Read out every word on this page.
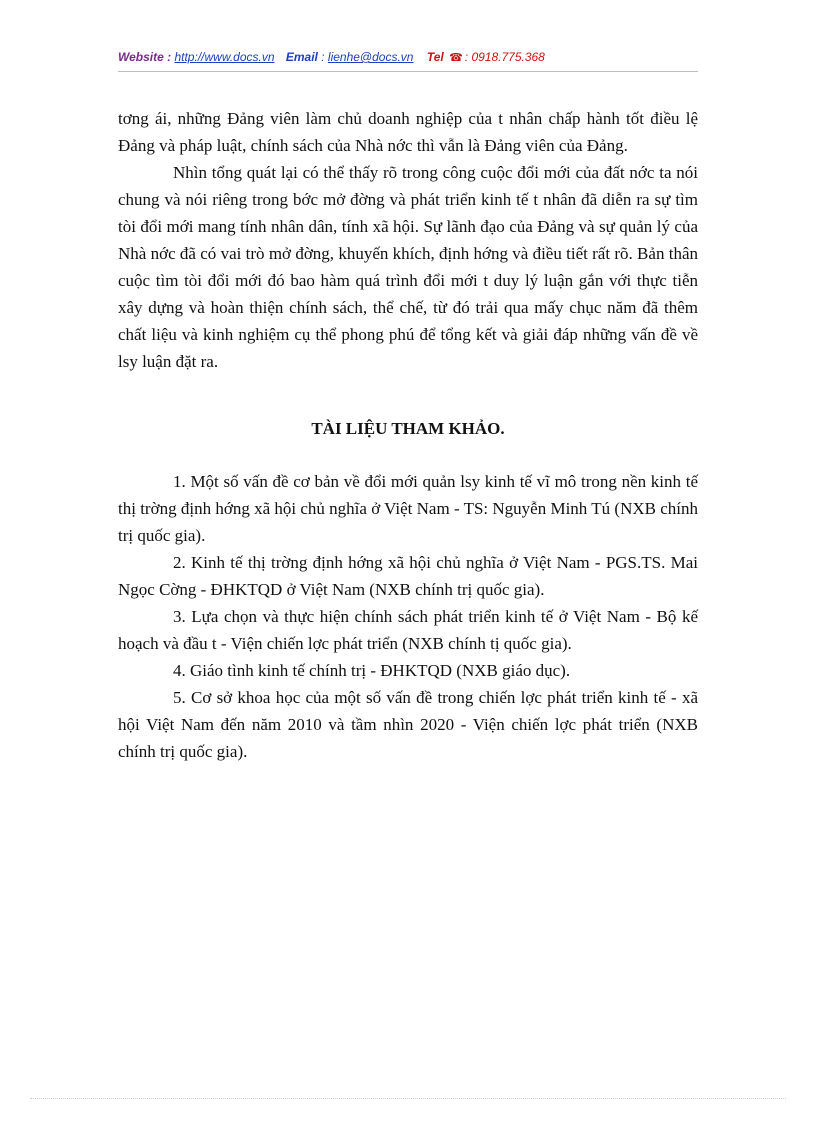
Website : http://www.docs.vn Email : lienhe@docs.vn Tel ☎ : 0918.775.368

tơng ái, những Đảng viên làm chủ doanh nghiệp của t nhân chấp hành tốt điều lệ Đảng và pháp luật, chính sách của Nhà nớc thì vẫn là Đảng viên của Đảng.

Nhìn tổng quát lại có thể thấy rõ trong công cuộc đổi mới của đất nớc ta nói chung và nói riêng trong bớc mở đờng và phát triển kinh tế t nhân đã diễn ra sự tìm tòi đổi mới mang tính nhân dân, tính xã hội. Sự lãnh đạo của Đảng và sự quản lý của Nhà nớc đã có vai trò mở đờng, khuyến khích, định hớng và điều tiết rất rõ. Bản thân cuộc tìm tòi đổi mới đó bao hàm quá trình đổi mới t duy lý luận gắn với thực tiễn xây dựng và hoàn thiện chính sách, thể chế, từ đó trải qua mấy chục năm đã thêm chất liệu và kinh nghiệm cụ thể phong phú để tổng kết và giải đáp những vấn đề về lsy luận đặt ra.

TÀI LIỆU THAM KHẢO.

1. Một số vấn đề cơ bản về đổi mới quản lsy kinh tế vĩ mô trong nền kinh tế thị trờng định hớng xã hội chủ nghĩa ở Việt Nam - TS: Nguyễn Minh Tú (NXB chính trị quốc gia).

2. Kinh tế thị trờng định hớng xã hội chủ nghĩa ở Việt Nam - PGS.TS. Mai Ngọc Cờng - ĐHKTQD ở Việt Nam (NXB chính trị quốc gia).

3. Lựa chọn và thực hiện chính sách phát triển kinh tế ở Việt Nam - Bộ kế hoạch và đầu t - Viện chiến lợc phát triển (NXB chính tị quốc gia).

4. Giáo tình kinh tế chính trị - ĐHKTQD (NXB giáo dục).

5. Cơ sở khoa học của một số vấn đề trong chiến lợc phát triển kinh tế - xã hội Việt Nam đến năm 2010 và tầm nhìn 2020 - Viện chiến lợc phát triển (NXB chính trị quốc gia).
